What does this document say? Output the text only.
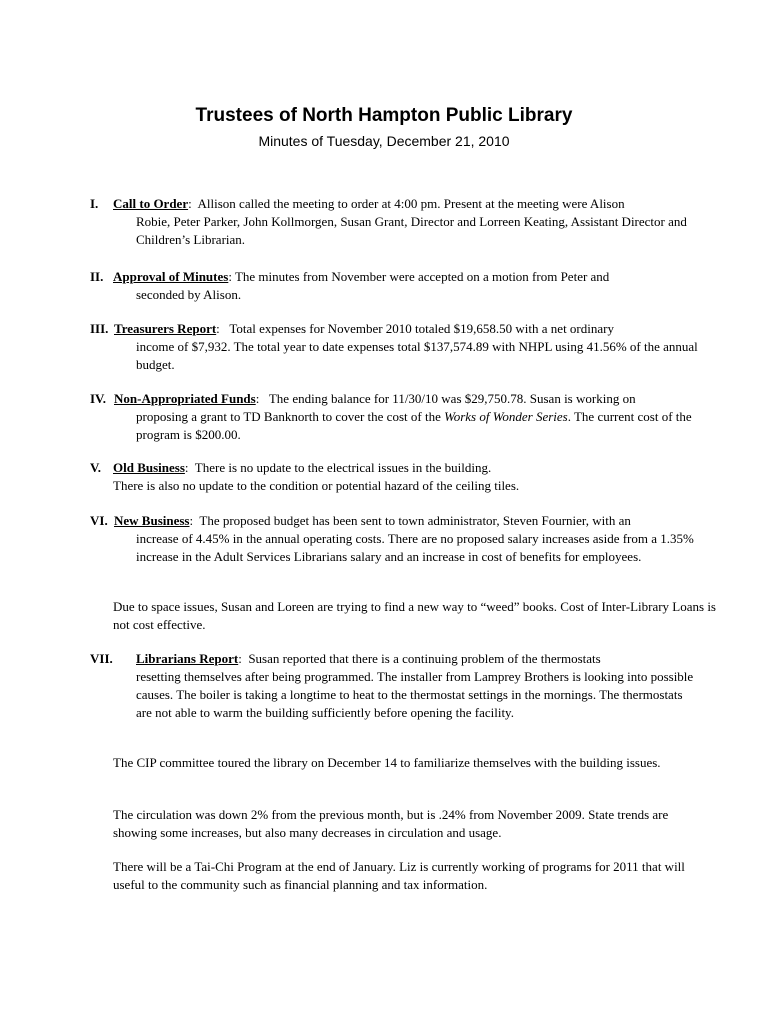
Trustees of North Hampton Public Library
Minutes of Tuesday, December 21, 2010
I. Call to Order: Allison called the meeting to order at 4:00 pm. Present at the meeting were Alison
Robie, Peter Parker, John Kollmorgen, Susan Grant, Director and Lorreen Keating, Assistant Director and Children’s Librarian.
II. Approval of Minutes: The minutes from November were accepted on a motion from Peter and
seconded by Alison.
III. Treasurers Report: Total expenses for November 2010 totaled $19,658.50 with a net ordinary
income of $7,932. The total year to date expenses total $137,574.89 with NHPL using 41.56% of the annual budget.
IV. Non-Appropriated Funds: The ending balance for 11/30/10 was $29,750.78. Susan is working on
proposing a grant to TD Banknorth to cover the cost of the Works of Wonder Series. The current cost of the program is $200.00.
V. Old Business: There is no update to the electrical issues in the building.
There is also no update to the condition or potential hazard of the ceiling tiles.
VI. New Business: The proposed budget has been sent to town administrator, Steven Fournier, with an
increase of 4.45% in the annual operating costs. There are no proposed salary increases aside from a 1.35% increase in the Adult Services Librarians salary and an increase in cost of benefits for employees.

Due to space issues, Susan and Loreen are trying to find a new way to “weed” books. Cost of Inter-Library Loans is not cost effective.

VII. Librarians Report: Susan reported that there is a continuing problem of the thermostats
resetting themselves after being programmed. The installer from Lamprey Brothers is looking into possible causes. The boiler is taking a longtime to heat to the thermostat settings in the mornings. The thermostats are not able to warm the building sufficiently before opening the facility.

The CIP committee toured the library on December 14 to familiarize themselves with the building issues.

The circulation was down 2% from the previous month, but is .24% from November 2009. State trends are showing some increases, but also many decreases in circulation and usage.

There will be a Tai-Chi Program at the end of January. Liz is currently working of programs for 2011 that will useful to the community such as financial planning and tax information.
